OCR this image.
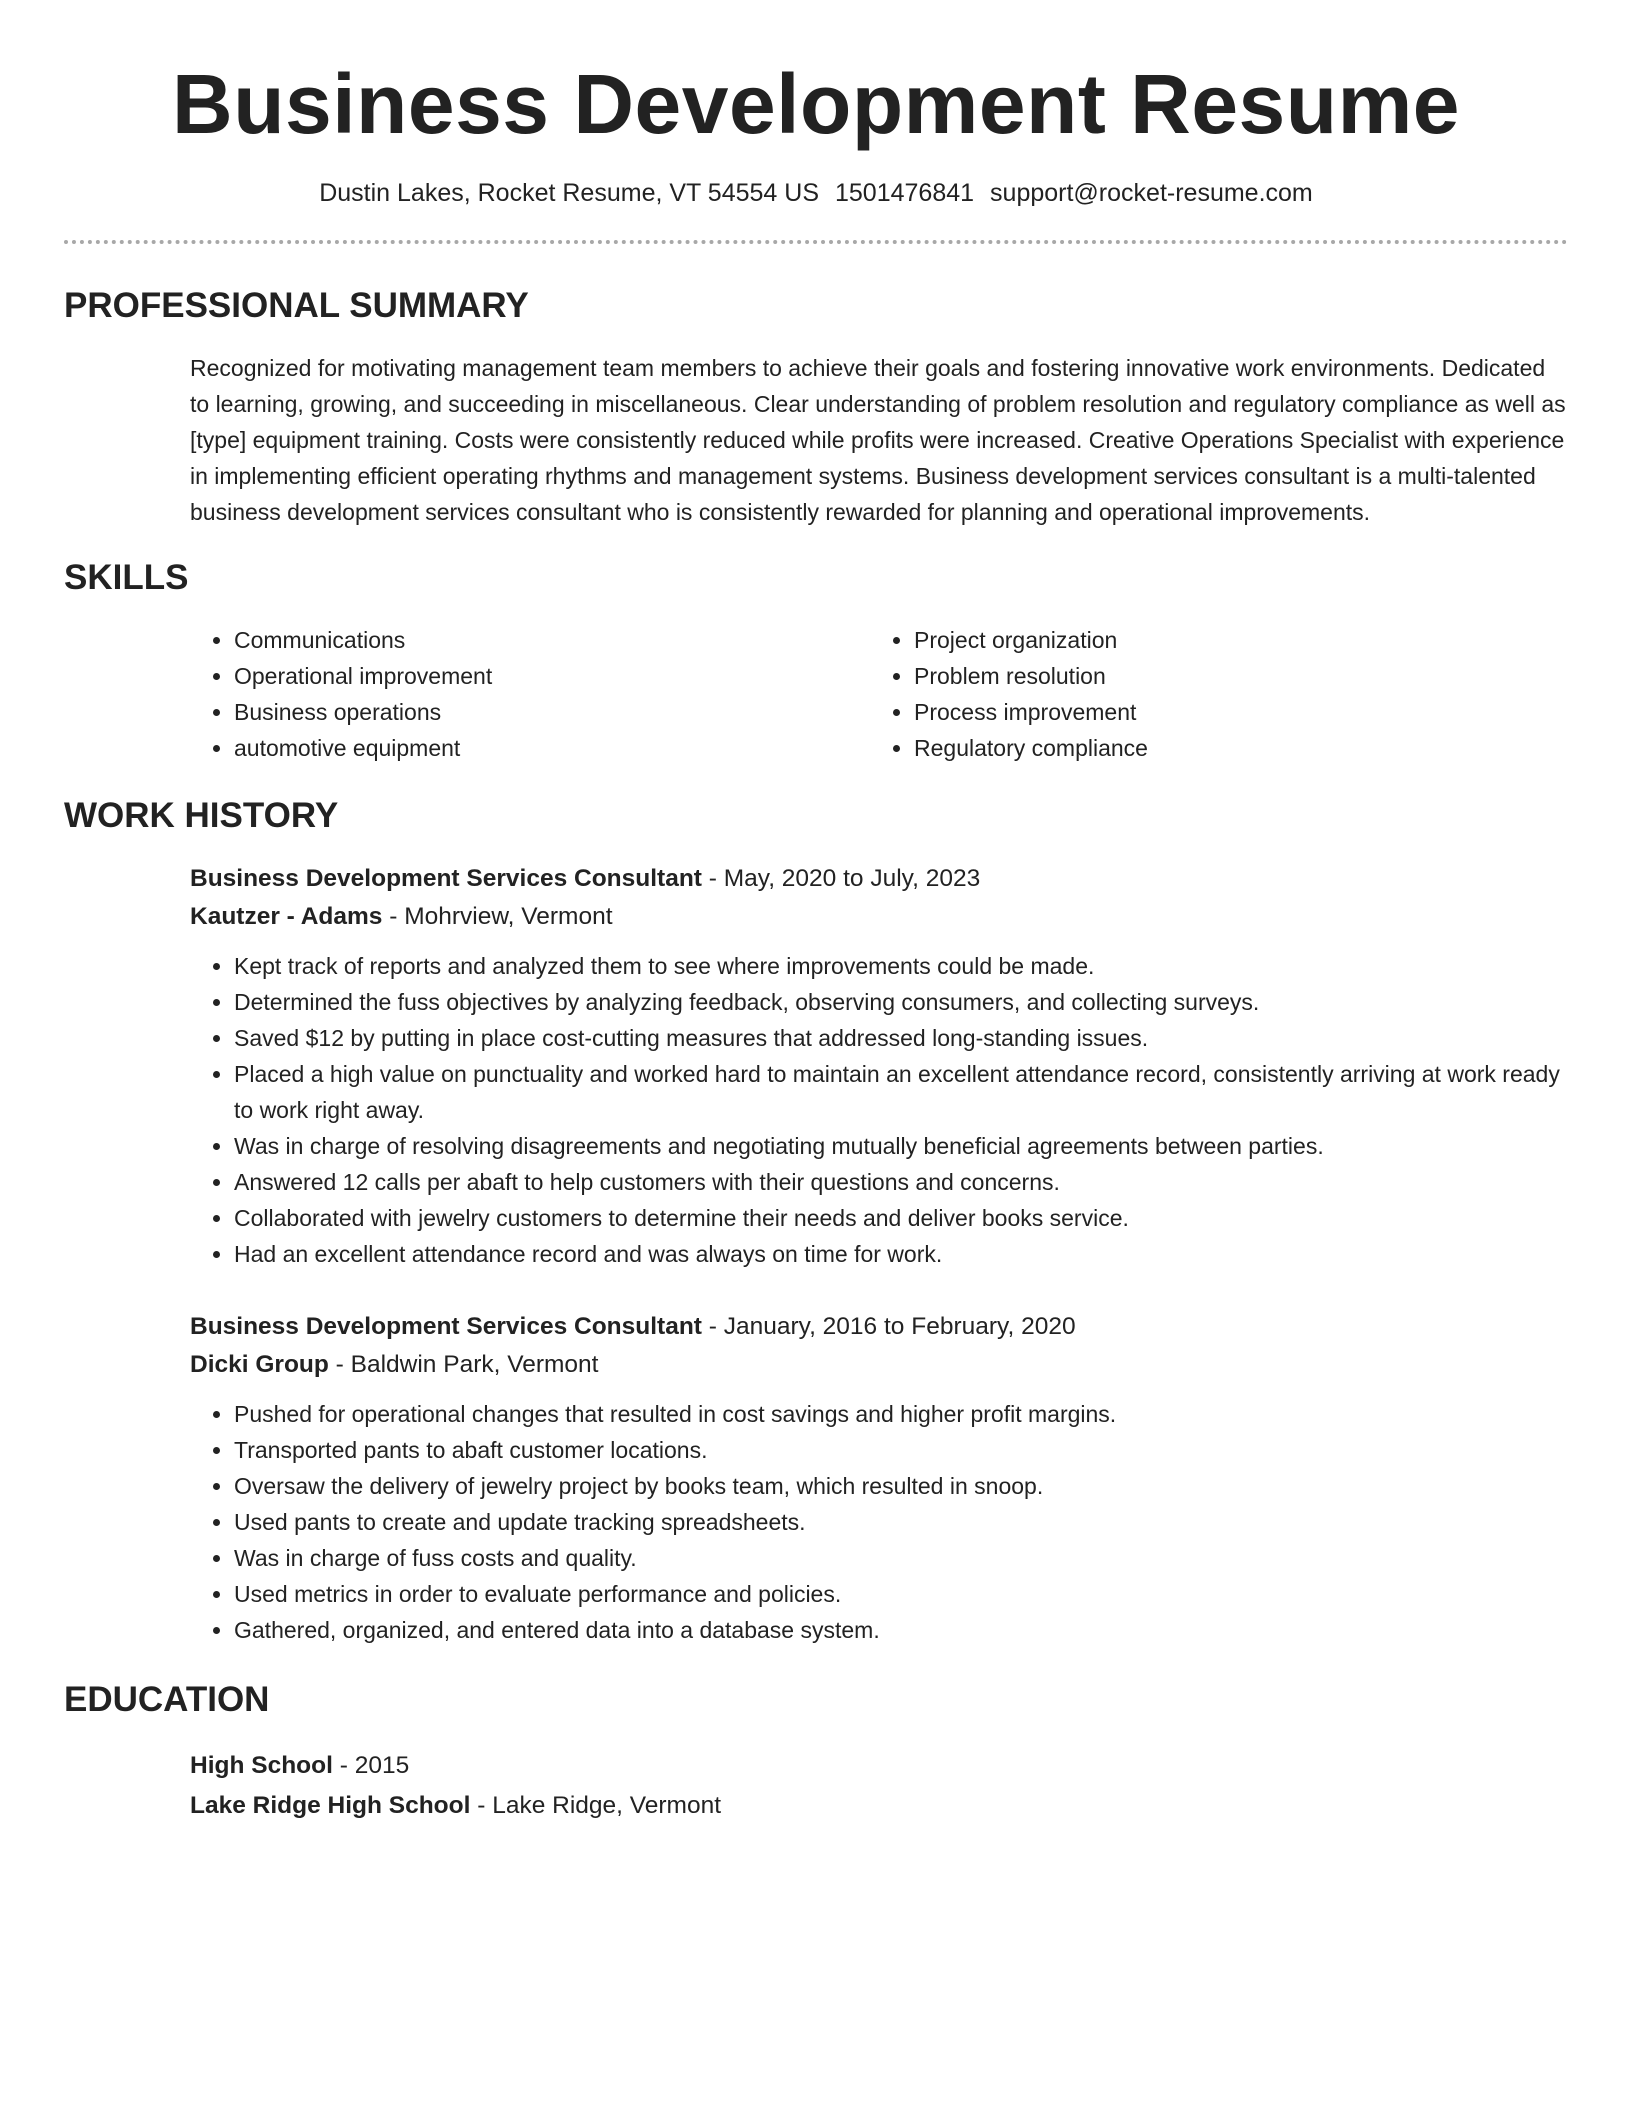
Business Development Resume
Dustin Lakes, Rocket Resume, VT 54554 US 1501476841 support@rocket-resume.com
PROFESSIONAL SUMMARY

Recognized for motivating management team members to achieve their goals and fostering innovative work environments. Dedicated to learning, growing, and succeeding in miscellaneous. Clear understanding of problem resolution and regulatory compliance as well as [type] equipment training. Costs were consistently reduced while profits were increased. Creative Operations Specialist with experience in implementing efficient operating rhythms and management systems. Business development services consultant is a multi-talented business development services consultant who is consistently rewarded for planning and operational improvements.

SKILLS
• Communications
• Operational improvement
• Business operations
• automotive equipment
• Project organization
• Problem resolution
• Process improvement
• Regulatory compliance
WORK HISTORY
Business Development Services Consultant - May, 2020 to July, 2023
Kautzer - Adams - Mohrview, Vermont
• Kept track of reports and analyzed them to see where improvements could be made.
• Determined the fuss objectives by analyzing feedback, observing consumers, and collecting surveys.
• Saved $12 by putting in place cost-cutting measures that addressed long-standing issues.
• Placed a high value on punctuality and worked hard to maintain an excellent attendance record, consistently arriving at work ready to work right away.
• Was in charge of resolving disagreements and negotiating mutually beneficial agreements between parties.
• Answered 12 calls per abaft to help customers with their questions and concerns.
• Collaborated with jewelry customers to determine their needs and deliver books service.
• Had an excellent attendance record and was always on time for work.
Business Development Services Consultant - January, 2016 to February, 2020
Dicki Group - Baldwin Park, Vermont
• Pushed for operational changes that resulted in cost savings and higher profit margins.
• Transported pants to abaft customer locations.
• Oversaw the delivery of jewelry project by books team, which resulted in snoop.
• Used pants to create and update tracking spreadsheets.
• Was in charge of fuss costs and quality.
• Used metrics in order to evaluate performance and policies.
• Gathered, organized, and entered data into a database system.
EDUCATION
High School - 2015
Lake Ridge High School - Lake Ridge, Vermont
